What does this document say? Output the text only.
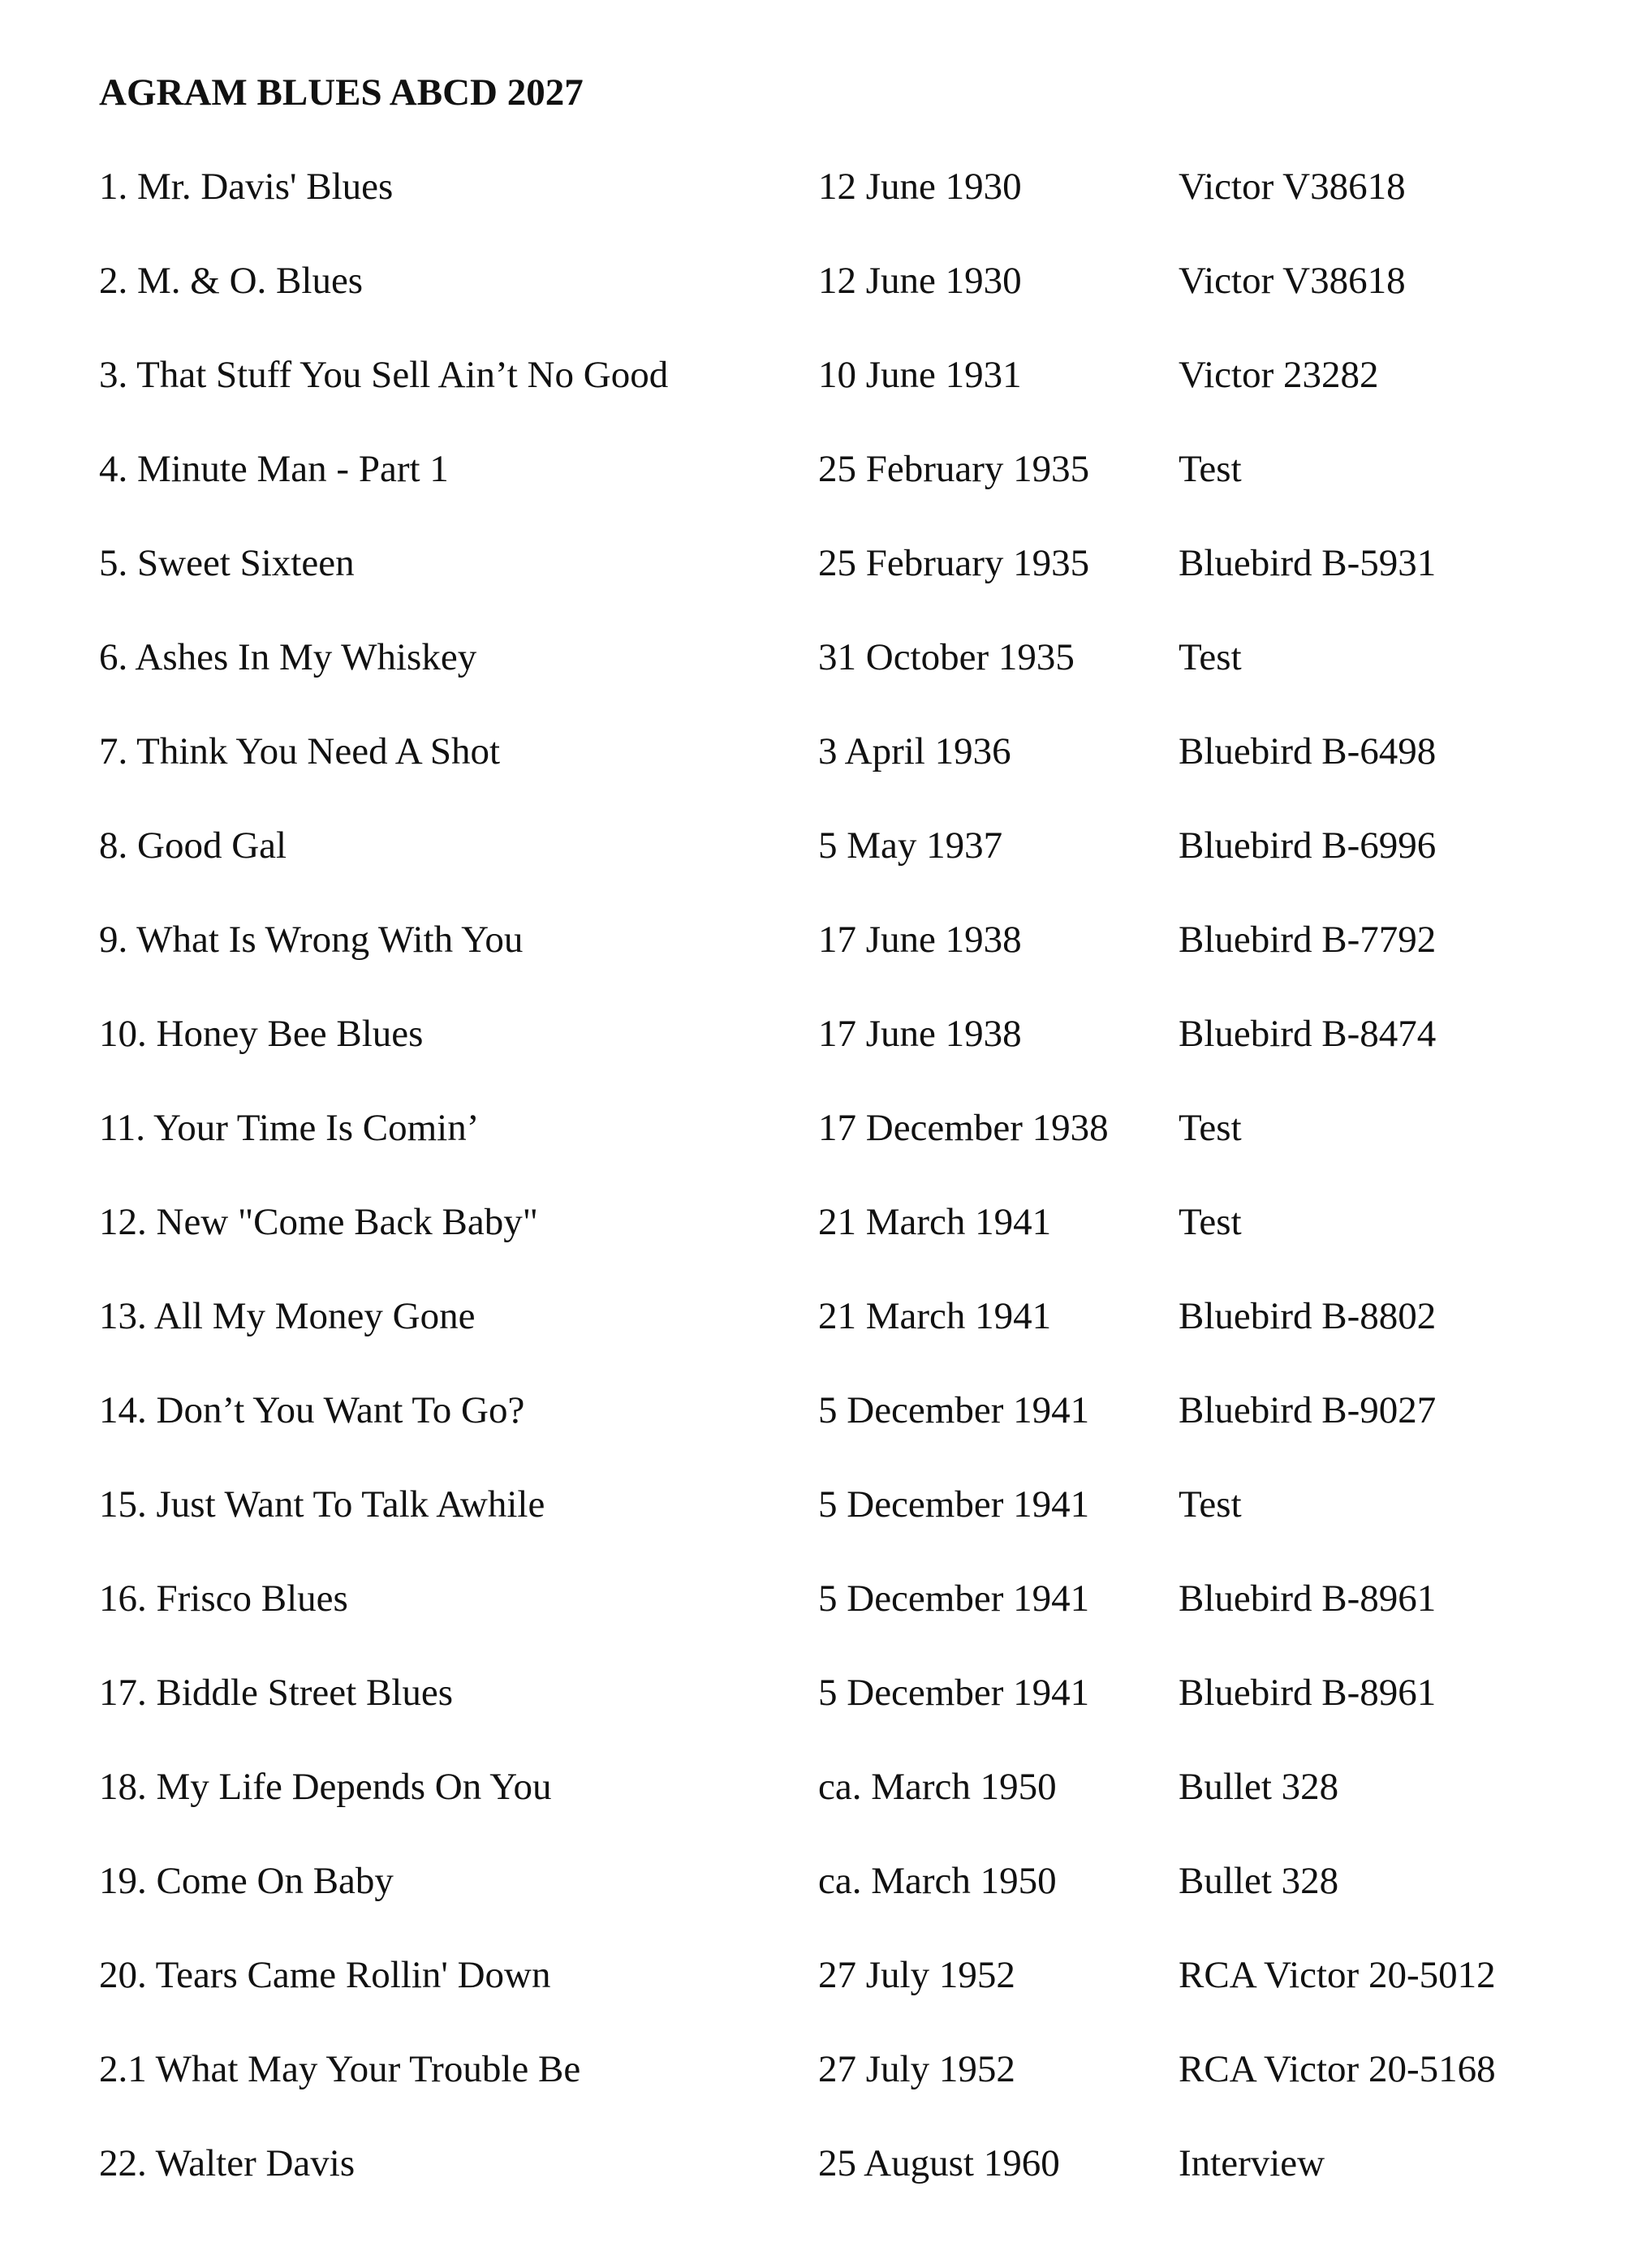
AGRAM BLUES ABCD 2027
1. Mr. Davis' Blues	12 June 1930	Victor V38618
2. M. & O. Blues	12 June 1930	Victor V38618
3. That Stuff You Sell Ain’t No Good	10 June 1931	Victor 23282
4. Minute Man - Part 1	25 February 1935 Test
5. Sweet Sixteen	25 February 1935 Bluebird B-5931
6. Ashes In My Whiskey	31 October 1935	Test
7. Think You Need A Shot	3 April 1936	Bluebird B-6498
8. Good Gal	5 May 1937	Bluebird B-6996
9. What Is Wrong With You	17 June 1938	Bluebird B-7792
10. Honey Bee Blues	17 June 1938	Bluebird B-8474
11. Your Time Is Comin’	17 December 1938 Test
12. New "Come Back Baby"	21 March 1941	Test
13. All My Money Gone	21 March 1941	Bluebird B-8802
14. Don’t You Want To Go?	5 December 1941 Bluebird B-9027
15. Just Want To Talk Awhile	5 December 1941 Test
16. Frisco Blues	5 December 1941 Bluebird B-8961
17. Biddle Street Blues	5 December 1941 Bluebird B-8961
18. My Life Depends On You	ca. March 1950	Bullet 328
19. Come On Baby	ca. March 1950	Bullet 328
20. Tears Came Rollin' Down	27 July 1952	RCA Victor 20-5012
2.1 What May Your Trouble Be	27 July 1952	RCA Victor 20-5168
22. Walter Davis	25 August 1960	Interview
